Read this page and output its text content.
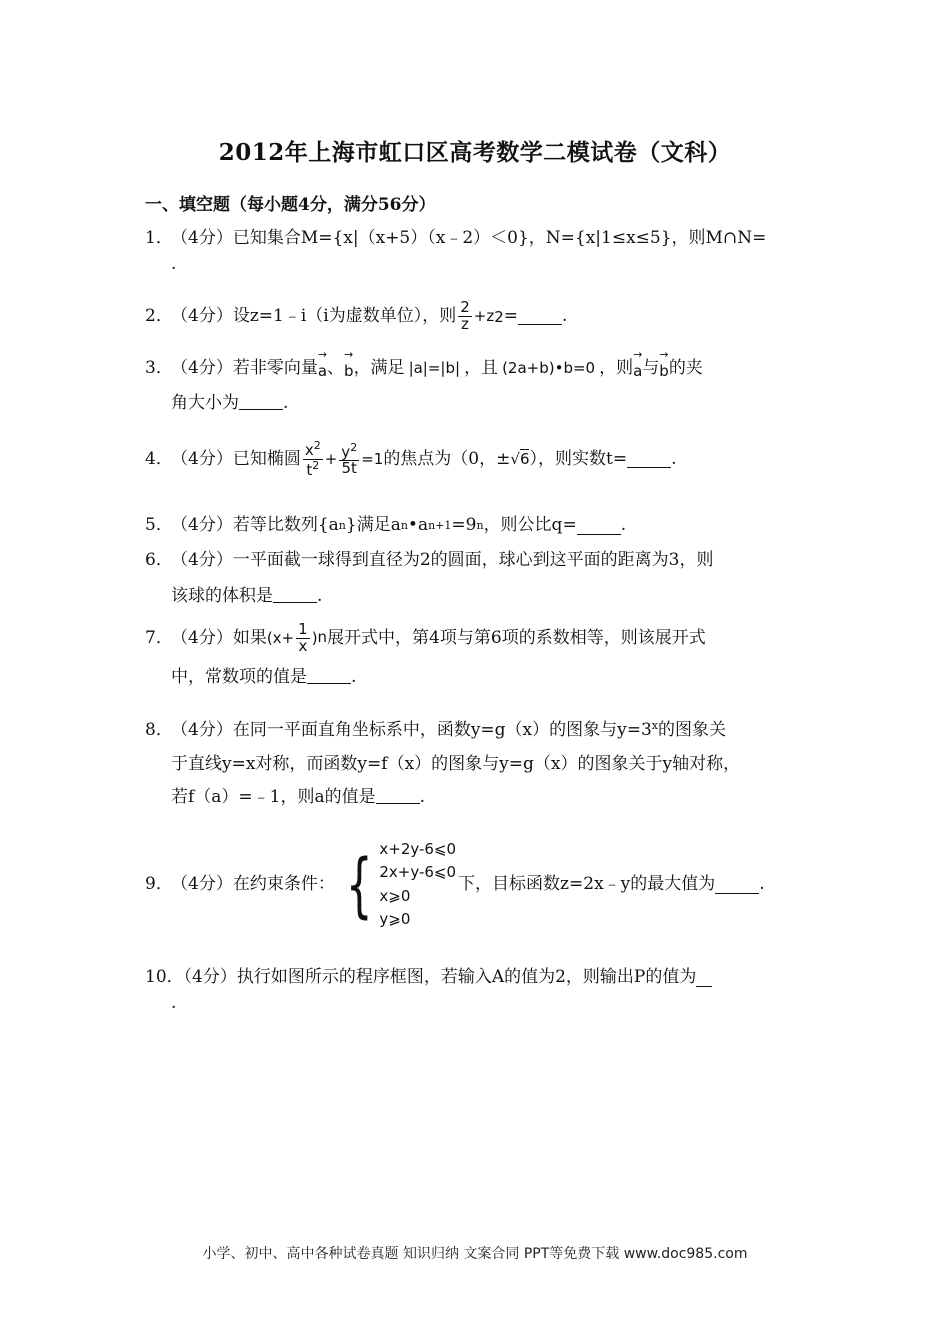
2012年上海市虹口区高考数学二模试卷（文科）
一、填空题（每小题4分，满分56分）
1．
（4分）已知集合M={x|（x+5）（x﹣2）＜0}，N={x|1≤x≤5}，则M∩N=
.
2．
（4分）设z=1﹣i（i为虚数单位），则 $\frac{2}{z} +z$ 2 =	.
3．
（4分）若非零向量 → a 、 → b ，满足 |a|=|b| ，且 (2a+b)•b=0 ，则 → a 与 → b 的夹
角大小为	.
4．
（4分）已知椭圆 $\frac{x^2}{t^2} + \frac{y^2}{5t} =1$ 的焦点为（0，± √6 ），则实数t=	.
5．
（4分）若等比数列{a n }满足a n •a n+1 =9 n ，则公比q=	.
6．
（4分）一平面截一球得到直径为2的圆面，球心到这平面的距离为3，则
该球的体积是	.
7．
（4分）如果 ($x+ \frac{1}{x}$ ) n 展开式中，第4项与第6项的系数相等，则该展开式
中，常数项的值是	.
8．
（4分）在同一平面直角坐标系中，函数y=g（x）的图象与$y=3^x$ 的图象关
于直线y=x对称，而函数y=f（x）的图象与y=g（x）的图象关于y轴对称，
若f（a）=﹣1，则a的值是	.
9．
（4分）在约束条件： { x+2y-6⩽0
2x+y-6⩽0
x⩾0
y⩾0
下，目标函数z=2x﹣y的最大值为	.
10．
（4分）执行如图所示的程序框图，若输入A的值为2，则输出P的值为
.
小学、初中、高中各种试卷真题 知识归纳 文案合同 PPT等免费下载 www.doc985.com
